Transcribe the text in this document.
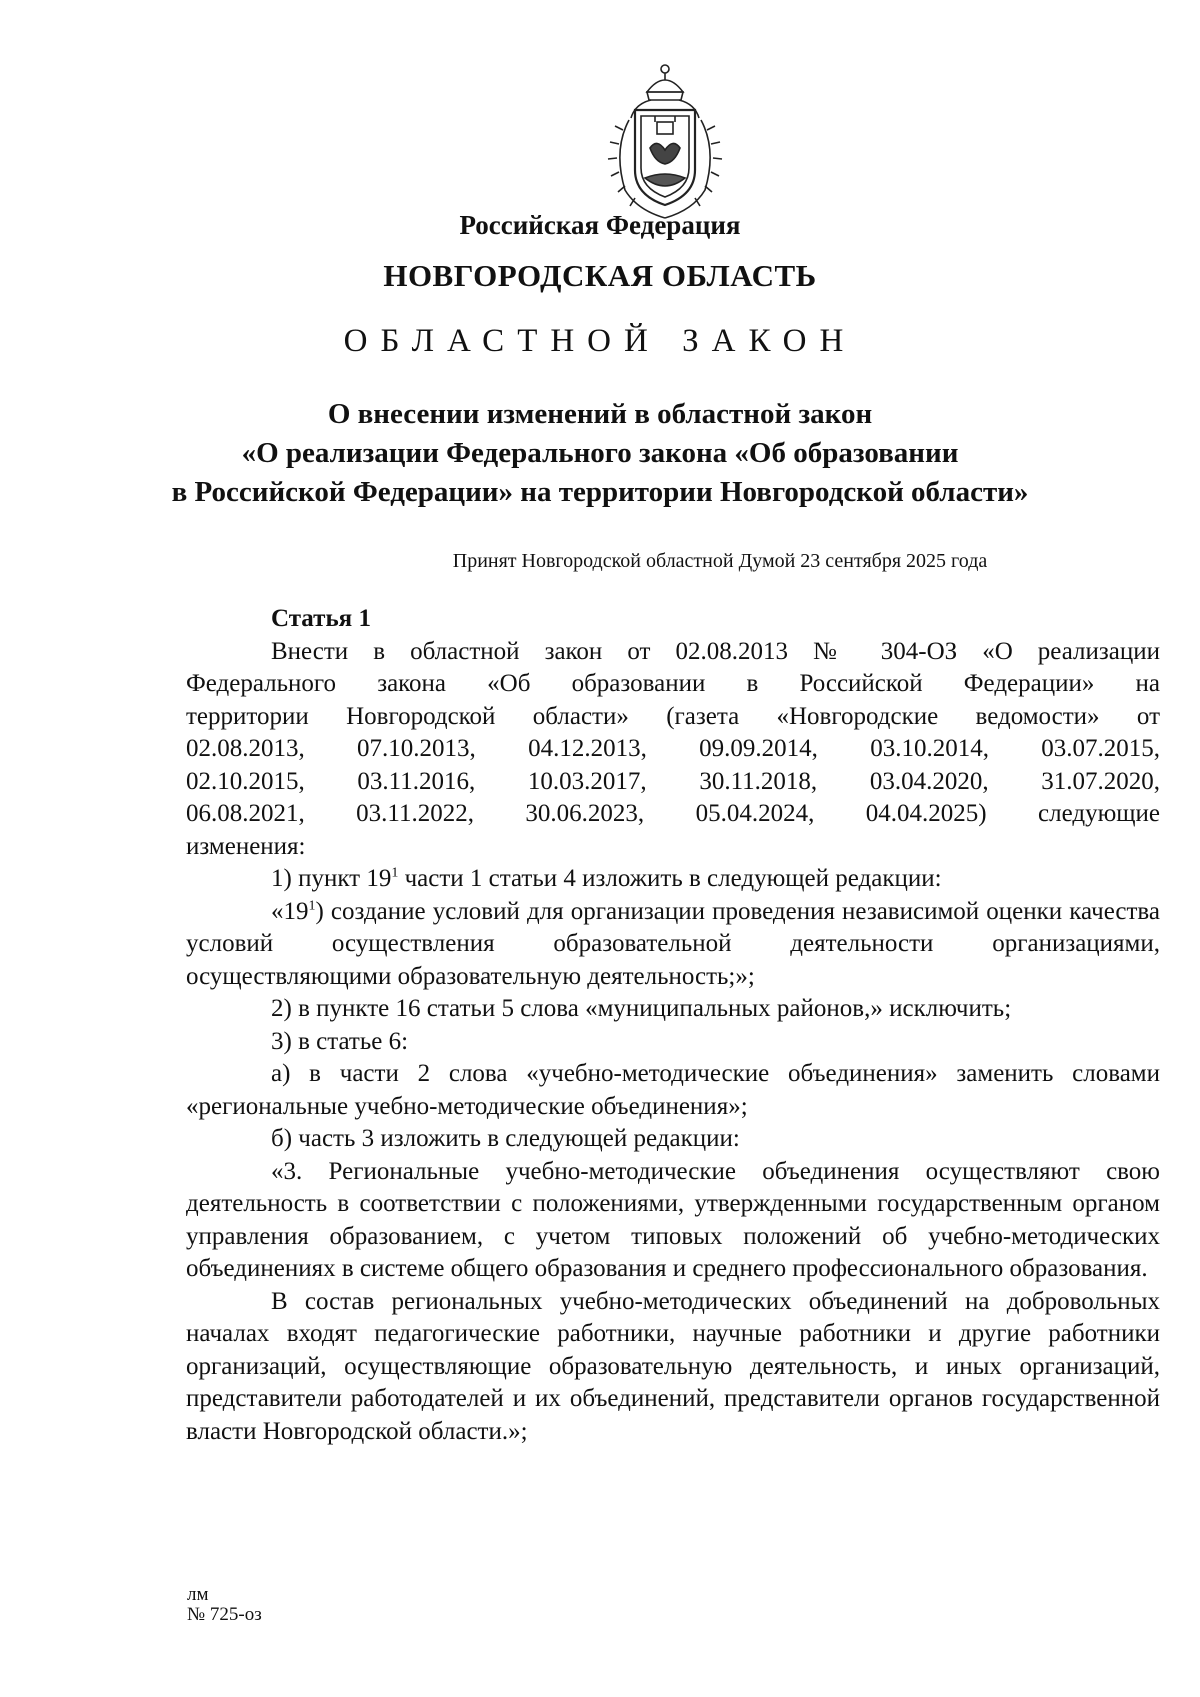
Российская Федерация
НОВГОРОДСКАЯ ОБЛАСТЬ
ОБЛАСТНОЙ ЗАКОН
О внесении изменений в областной закон
«О реализации Федерального закона «Об образовании
в Российской Федерации» на территории Новгородской области»
Принят Новгородской областной Думой 23 сентября 2025 года

Статья 1

Внести в областной закон от 02.08.2013 № 304-ОЗ «О реализации

Федерального закона «Об образовании в Российской Федерации» на

территории Новгородской области» (газета «Новгородские ведомости» от

02.08.2013, 07.10.2013, 04.12.2013, 09.09.2014, 03.10.2014, 03.07.2015,

02.10.2015, 03.11.2016, 10.03.2017, 30.11.2018, 03.04.2020, 31.07.2020,

06.08.2021, 03.11.2022, 30.06.2023, 05.04.2024, 04.04.2025) следующие

изменения:

1) пункт $19^1$ части 1 статьи 4 изложить в следующей редакции:

«$19^1$) создание условий для организации проведения независимой оценки качества условий осуществления образовательной деятельности организациями, осуществляющими образовательную деятельность;»;

2) в пункте 16 статьи 5 слова «муниципальных районов,» исключить;

3) в статье 6:

а) в части 2 слова «учебно-методические объединения» заменить словами «региональные учебно-методические объединения»;

б) часть 3 изложить в следующей редакции:

«3. Региональные учебно-методические объединения осуществляют свою деятельность в соответствии с положениями, утвержденными государственным органом управления образованием, с учетом типовых положений об учебно-методических объединениях в системе общего образования и среднего профессионального образования.

В состав региональных учебно-методических объединений на добровольных началах входят педагогические работники, научные работники и другие работники организаций, осуществляющие образовательную деятельность, и иных организаций, представители работодателей и их объединений, представители органов государственной власти Новгородской области.»;

лм
№ 725-оз
